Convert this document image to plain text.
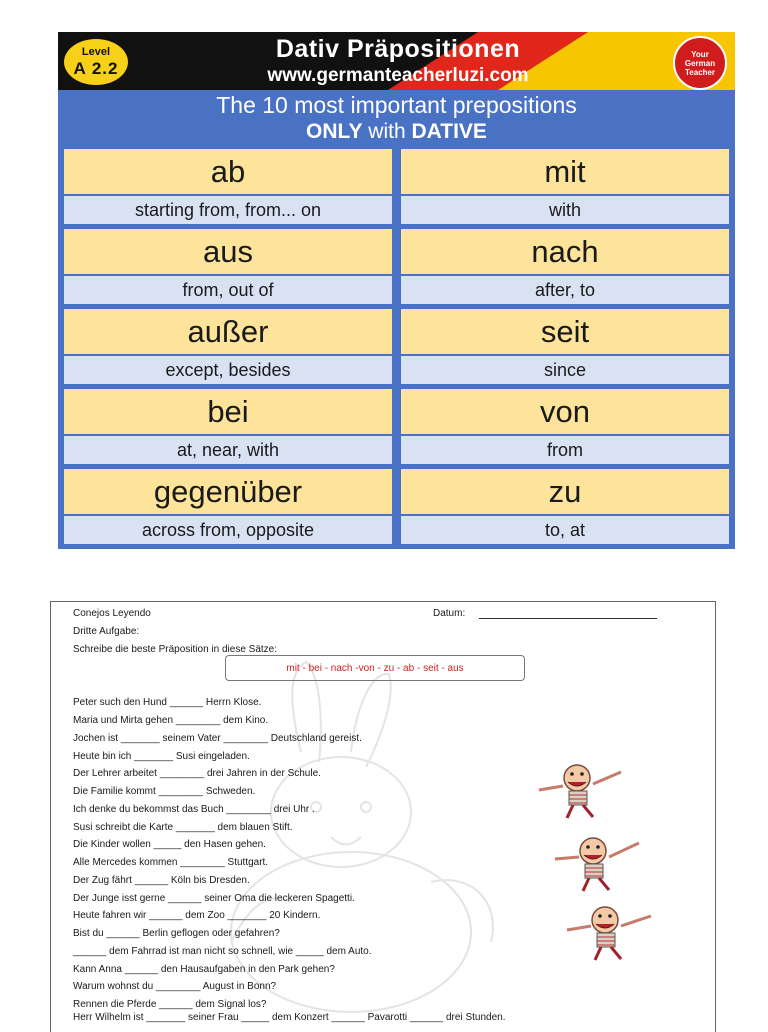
Level
A 2.2
Dativ Präpositionen
www.germanteacherluzi.com
Your
German
Teacher
The 10 most important prepositions
ONLY with DATIVE
ab
starting from, from... on
mit
with
aus
from, out of
nach
after, to
außer
except, besides
seit
since
bei
at, near, with
von
from
gegenüber
across from, opposite
zu
to, at
Conejos Leyendo	Datum:
Dritte Aufgabe:
Schreibe die beste Präposition in diese Sätze:
mit - bei - nach -von - zu - ab - seit - aus
Peter such den Hund ______ Herrn Klose.
Maria und Mirta gehen ________ dem Kino.
Jochen ist _______ seinem Vater ________ Deutschland gereist.
Heute bin ich _______ Susi eingeladen.
Der Lehrer arbeitet ________ drei Jahren in der Schule.
Die Familie kommt ________ Schweden.
Ich denke du bekommst das Buch ________ drei Uhr .
Susi schreibt die Karte _______ dem blauen Stift.
Die Kinder wollen _____ den Hasen gehen.
Alle Mercedes kommen ________ Stuttgart.
Der Zug fährt ______ Köln bis Dresden.
Der Junge isst gerne ______ seiner Oma die leckeren Spagetti.
Heute fahren wir ______ dem Zoo _______ 20 Kindern.
Bist du ______ Berlin geflogen oder gefahren?
______ dem Fahrrad ist man nicht so schnell, wie _____ dem Auto.
Kann Anna ______ den Hausaufgaben in den Park gehen?
Warum wohnst du ________ August in Bonn?
Rennen die Pferde ______ dem Signal los?
Herr Wilhelm ist _______ seiner Frau _____ dem Konzert ______ Pavarotti ______ drei Stunden.
